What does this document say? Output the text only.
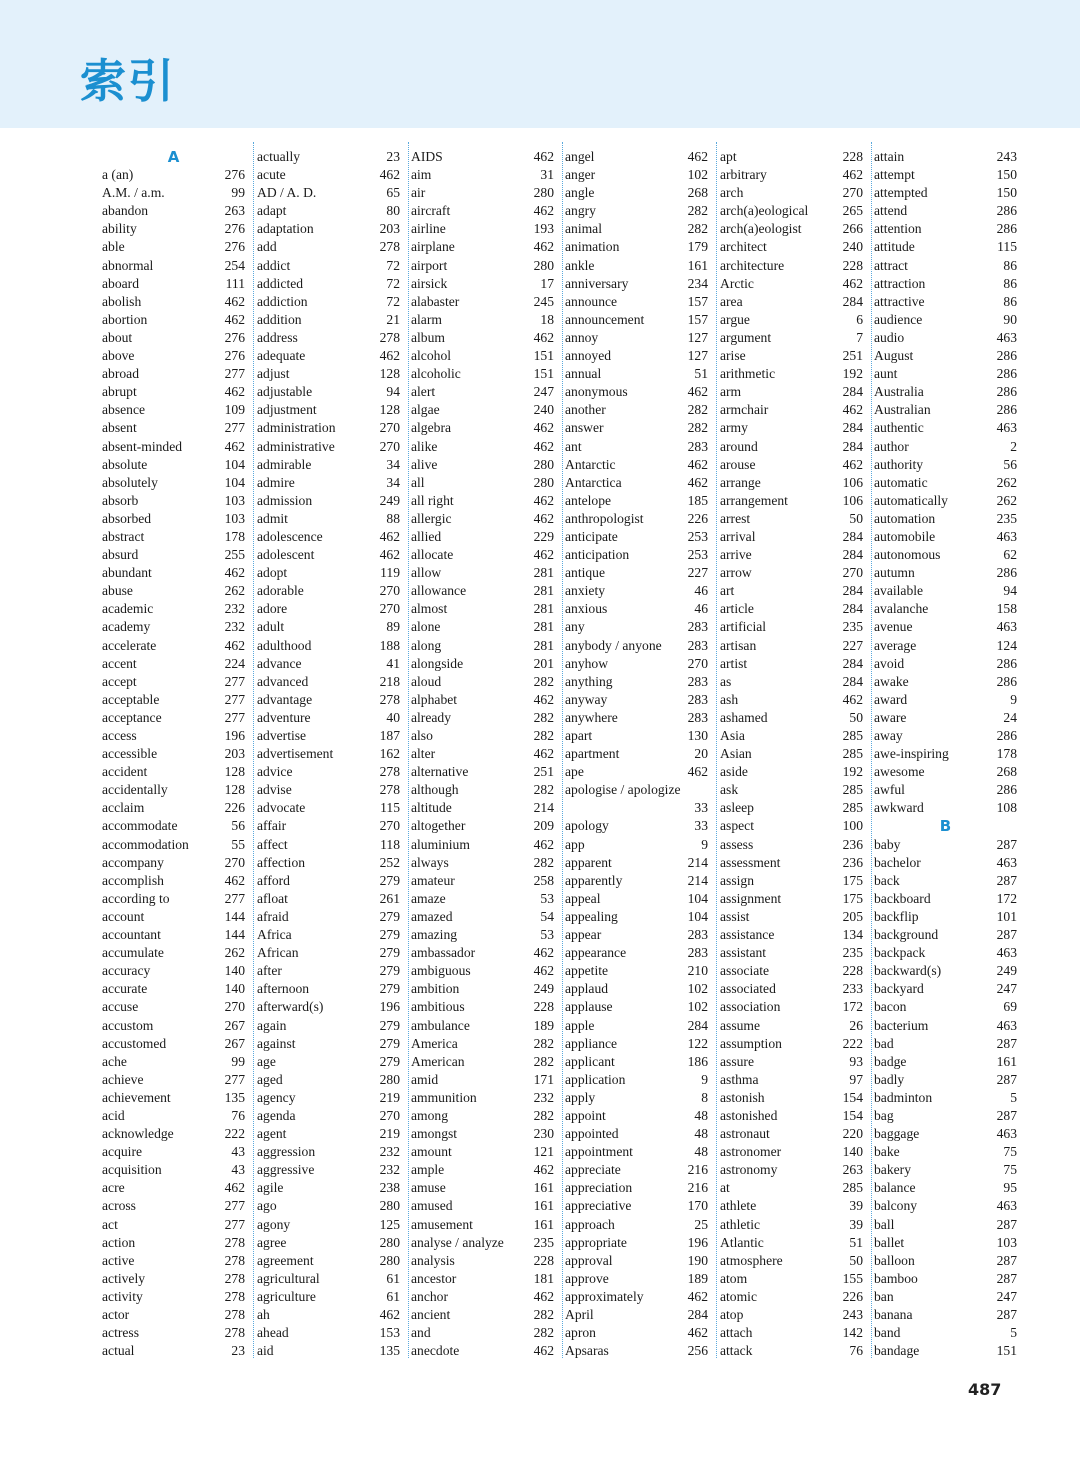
索引
A
a (an)	276
A.M. / a.m.	99
abandon	263
ability	276
able	276
abnormal	254
aboard	111
abolish	462
abortion	462
about	276
above	276
abroad	277
abrupt	462
absence	109
absent	277
absent-minded	462
absolute	104
absolutely	104
absorb	103
absorbed	103
abstract	178
absurd	255
abundant	462
abuse	262
academic	232
academy	232
accelerate	462
accent	224
accept	277
acceptable	277
acceptance	277
access	196
accessible	203
accident	128
accidentally	128
acclaim	226
accommodate	56
accommodation	55
accompany	270
accomplish	462
according to	277
account	144
accountant	144
accumulate	262
accuracy	140
accurate	140
accuse	270
accustom	267
accustomed	267
ache	99
achieve	277
achievement	135
acid	76
acknowledge	222
acquire	43
acquisition	43
acre	462
across	277
act	277
action	278
active	278
actively	278
activity	278
actor	278
actress	278
actual	23
actually	23
acute	462
AD / A. D.	65
adapt	80
adaptation	203
add	278
addict	72
addicted	72
addiction	72
addition	21
address	278
adequate	462
adjust	128
adjustable	94
adjustment	128
administration	270
administrative	270
admirable	34
admire	34
admission	249
admit	88
adolescence	462
adolescent	462
adopt	119
adorable	270
adore	270
adult	89
adulthood	188
advance	41
advanced	218
advantage	278
adventure	40
advertise	187
advertisement	162
advice	278
advise	278
advocate	115
affair	270
affect	118
affection	252
afford	279
afloat	261
afraid	279
Africa	279
African	279
after	279
afternoon	279
afterward(s)	196
again	279
against	279
age	279
aged	280
agency	219
agenda	270
agent	219
aggression	232
aggressive	232
agile	238
ago	280
agony	125
agree	280
agreement	280
agricultural	61
agriculture	61
ah	462
ahead	153
aid	135
AIDS	462
aim	31
air	280
aircraft	462
airline	193
airplane	462
airport	280
airsick	17
alabaster	245
alarm	18
album	462
alcohol	151
alcoholic	151
alert	247
algae	240
algebra	462
alike	462
alive	280
all	280
all right	462
allergic	462
allied	229
allocate	462
allow	281
allowance	281
almost	281
alone	281
along	281
alongside	201
aloud	282
alphabet	462
already	282
also	282
alter	462
alternative	251
although	282
altitude	214
altogether	209
aluminium	462
always	282
amateur	258
amaze	53
amazed	54
amazing	53
ambassador	462
ambiguous	462
ambition	249
ambitious	228
ambulance	189
America	282
American	282
amid	171
ammunition	232
among	282
amongst	230
amount	121
ample	462
amuse	161
amused	161
amusement	161
analyse / analyze 235
analysis	228
ancestor	181
anchor	462
ancient	282
and	282
anecdote	462
angel	462
anger	102
angle	268
angry	282
animal	282
animation	179
ankle	161
anniversary	234
announce	157
announcement	157
annoy	127
annoyed	127
annual	51
anonymous	462
another	282
answer	282
ant	283
Antarctic	462
Antarctica	462
antelope	185
anthropologist	226
anticipate	253
anticipation	253
antique	227
anxiety	46
anxious	46
any	283
anybody / anyone 283
anyhow	270
anything	283
anyway	283
anywhere	283
apart	130
apartment	20
ape	462
apologise / apologize
33
apology	33
app	9
apparent	214
apparently	214
appeal	104
appealing	104
appear	283
appearance	283
appetite	210
applaud	102
applause	102
apple	284
appliance	122
applicant	186
application	9
apply	8
appoint	48
appointed	48
appointment	48
appreciate	216
appreciation	216
appreciative	170
approach	25
appropriate	196
approval	190
approve	189
approximately	462
April	284
apron	462
Apsaras	256
apt	228
arbitrary	462
arch	270
arch(a)eological	265
arch(a)eologist	266
architect	240
architecture	228
Arctic	462
area	284
argue	6
argument	7
arise	251
arithmetic	192
arm	284
armchair	462
army	284
around	284
arouse	462
arrange	106
arrangement	106
arrest	50
arrival	284
arrive	284
arrow	270
art	284
article	284
artificial	235
artisan	227
artist	284
as	284
ash	462
ashamed	50
Asia	285
Asian	285
aside	192
ask	285
asleep	285
aspect	100
assess	236
assessment	236
assign	175
assignment	175
assist	205
assistance	134
assistant	235
associate	228
associated	233
association	172
assume	26
assumption	222
assure	93
asthma	97
astonish	154
astonished	154
astronaut	220
astronomer	140
astronomy	263
at	285
athlete	39
athletic	39
Atlantic	51
atmosphere	50
atom	155
atomic	226
atop	243
attach	142
attack	76
attain	243
attempt	150
attempted	150
attend	286
attention	286
attitude	115
attract	86
attraction	86
attractive	86
audience	90
audio	463
August	286
aunt	286
Australia	286
Australian	286
authentic	463
author	2
authority	56
automatic	262
automatically	262
automation	235
automobile	463
autonomous	62
autumn	286
available	94
avalanche	158
avenue	463
average	124
avoid	286
awake	286
award	9
aware	24
away	286
awe-inspiring	178
awesome	268
awful	286
awkward	108
B
baby	287
bachelor	463
back	287
backboard	172
backflip	101
background	287
backpack	463
backward(s)	249
backyard	247
bacon	69
bacterium	463
bad	287
badge	161
badly	287
badminton	5
bag	287
baggage	463
bake	75
bakery	75
balance	95
balcony	463
ball	287
ballet	103
balloon	287
bamboo	287
ban	247
banana	287
band	5
bandage	151
487
